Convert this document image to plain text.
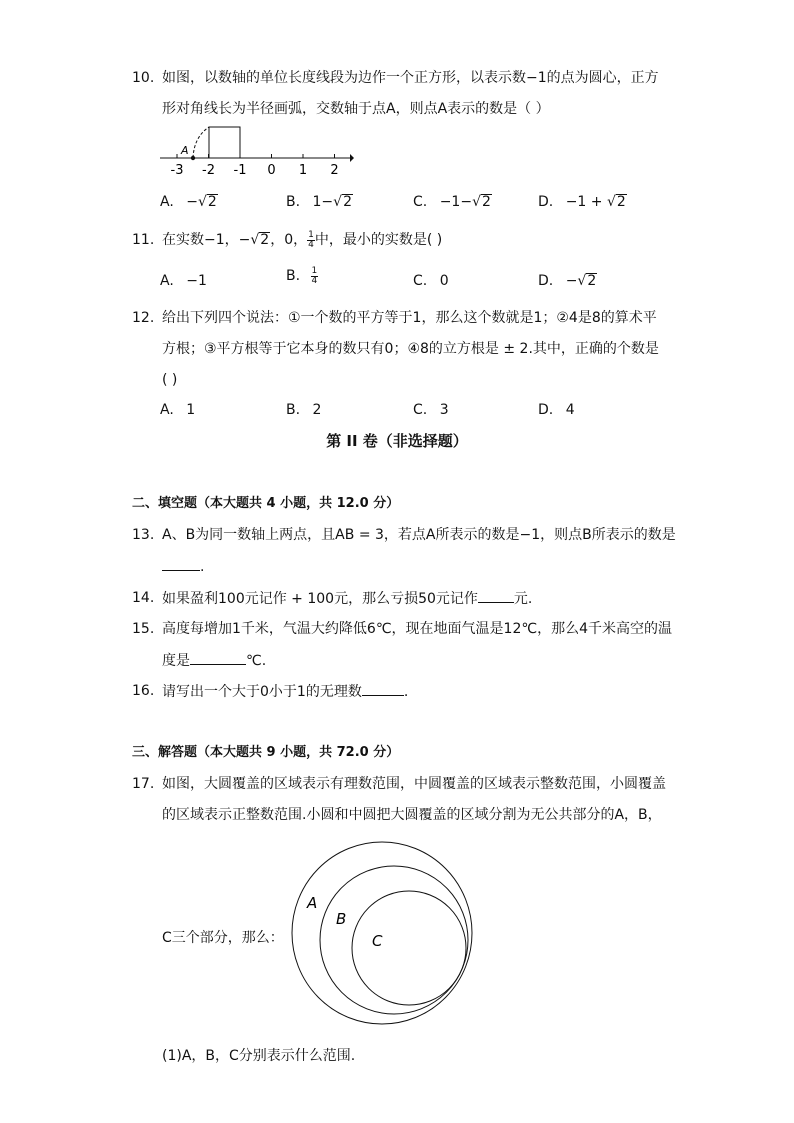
10. 如图，以数轴的单位长度线段为边作一个正方形，以表示数−1的点为圆心，正方
形对角线长为半径画弧，交数轴于点A，则点A表示的数是（ ）
A
-3 -2 -1 0 1 2
A. −√2	B. 1−√2	C. −1−√2	D. −1 + √2
11. 在实数−1，−√2，0， $\frac{1}{4}$ 中，最小的实数是( )
A. −1	B. $\frac{1}{4}$	C. 0	D. −√2
12. 给出下列四个说法：①一个数的平方等于1，那么这个数就是1；②4是8的算术平
方根；③平方根等于它本身的数只有0；④8的立方根是 ± 2.其中，正确的个数是
( )
A. 1	B. 2	C. 3	D. 4
第 II 卷（非选择题）
二、填空题（本大题共 4 小题，共 12.0 分）
13. A、B为同一数轴上两点，且AB = 3，若点A所表示的数是−1，则点B所表示的数是
.
14. 如果盈利100元记作 + 100元，那么亏损50元记作	元.
15. 高度每增加1千米，气温大约降低6℃，现在地面气温是12℃，那么4千米高空的温
度是	℃.
16. 请写出一个大于0小于1的无理数	.
三、解答题（本大题共 9 小题，共 72.0 分）
17. 如图，大圆覆盖的区域表示有理数范围，中圆覆盖的区域表示整数范围，小圆覆盖
的区域表示正整数范围.小圆和中圆把大圆覆盖的区域分割为无公共部分的A，B，
C三个部分，那么：
A
B
C
(1)A，B，C分别表示什么范围.
